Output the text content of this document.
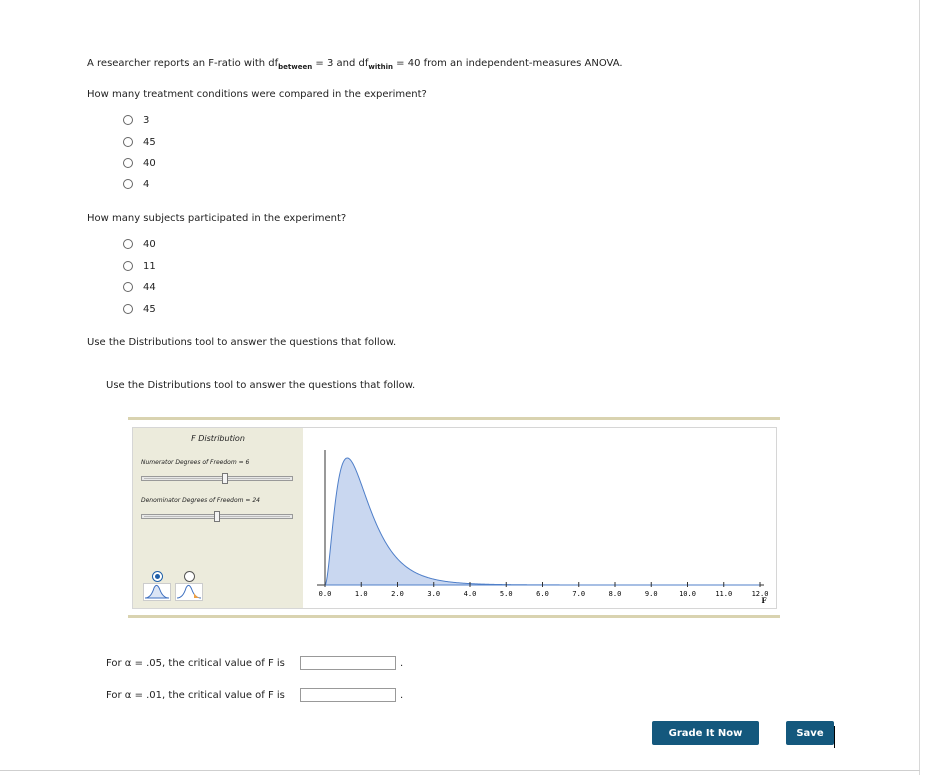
A researcher reports an F-ratio with $df_{between} = 3$ and $df_{within} = 40$ from an independent-measures ANOVA.
How many treatment conditions were compared in the experiment?
3
45
40
4
How many subjects participated in the experiment?
40
11
44
45
Use the Distributions tool to answer the questions that follow.
Use the Distributions tool to answer the questions that follow.
F Distribution
Numerator Degrees of Freedom = 6
Denominator Degrees of Freedom = 24
0.0	1.0	2.0	3.0	4.0	5.0	6.0	7.0	8.0	9.0	10.0	11.0	12.0
F
For α = .05, the critical value of F is	.
For α = .01, the critical value of F is	.
Grade It Now	Save
